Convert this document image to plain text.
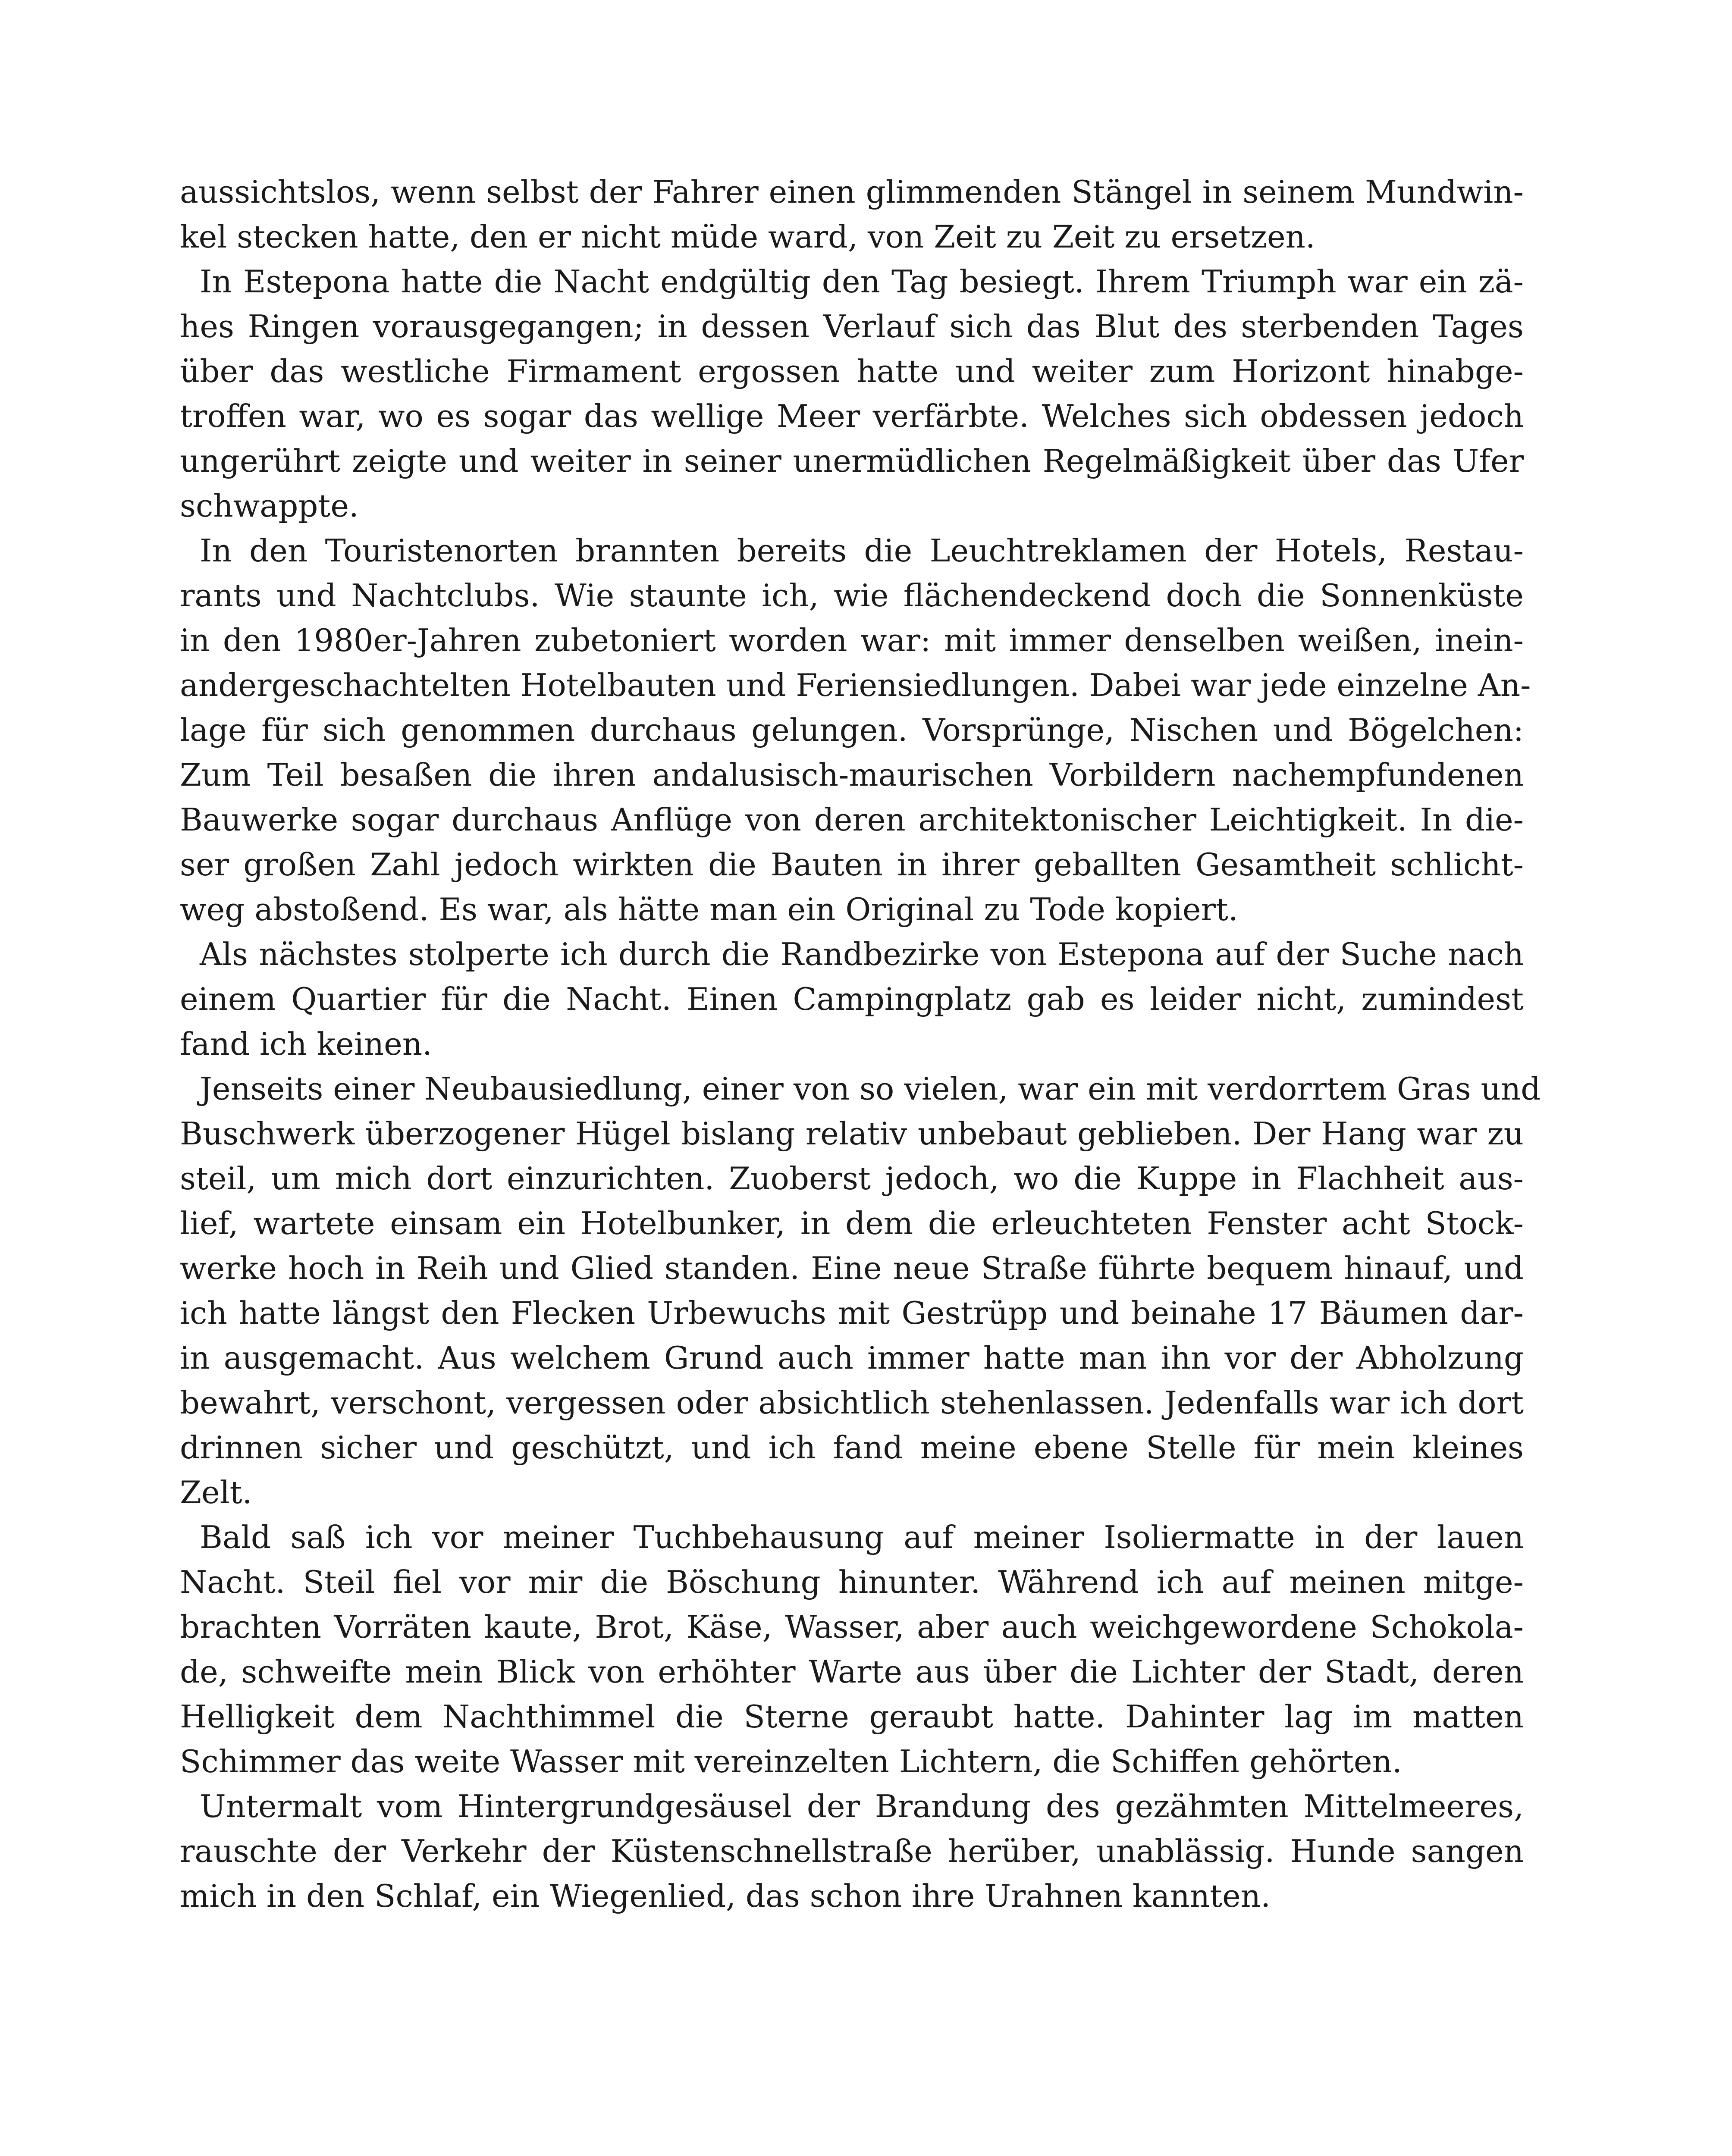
aussichtslos, wenn selbst der Fahrer einen glimmenden Stängel in seinem Mundwin-
kel stecken hatte, den er nicht müde ward, von Zeit zu Zeit zu ersetzen.
In Estepona hatte die Nacht endgültig den Tag besiegt. Ihrem Triumph war ein zä-
hes Ringen vorausgegangen; in dessen Verlauf sich das Blut des sterbenden Tages
über das westliche Firmament ergossen hatte und weiter zum Horizont hinabge-
troffen war, wo es sogar das wellige Meer verfärbte. Welches sich obdessen jedoch
ungerührt zeigte und weiter in seiner unermüdlichen Regelmäßigkeit über das Ufer
schwappte.
In den Touristenorten brannten bereits die Leuchtreklamen der Hotels, Restau-
rants und Nachtclubs. Wie staunte ich, wie flächendeckend doch die Sonnenküste
in den 1980er-Jahren zubetoniert worden war: mit immer denselben weißen, inein-
andergeschachtelten Hotelbauten und Feriensiedlungen. Dabei war jede einzelne An-
lage für sich genommen durchaus gelungen. Vorsprünge, Nischen und Bögelchen:
Zum Teil besaßen die ihren andalusisch-maurischen Vorbildern nachempfundenen
Bauwerke sogar durchaus Anflüge von deren architektonischer Leichtigkeit. In die-
ser großen Zahl jedoch wirkten die Bauten in ihrer geballten Gesamtheit schlicht-
weg abstoßend. Es war, als hätte man ein Original zu Tode kopiert.
Als nächstes stolperte ich durch die Randbezirke von Estepona auf der Suche nach
einem Quartier für die Nacht. Einen Campingplatz gab es leider nicht, zumindest
fand ich keinen.
Jenseits einer Neubausiedlung, einer von so vielen, war ein mit verdorrtem Gras und
Buschwerk überzogener Hügel bislang relativ unbebaut geblieben. Der Hang war zu
steil, um mich dort einzurichten. Zuoberst jedoch, wo die Kuppe in Flachheit aus-
lief, wartete einsam ein Hotelbunker, in dem die erleuchteten Fenster acht Stock-
werke hoch in Reih und Glied standen. Eine neue Straße führte bequem hinauf, und
ich hatte längst den Flecken Urbewuchs mit Gestrüpp und beinahe 17 Bäumen dar-
in ausgemacht. Aus welchem Grund auch immer hatte man ihn vor der Abholzung
bewahrt, verschont, vergessen oder absichtlich stehenlassen. Jedenfalls war ich dort
drinnen sicher und geschützt, und ich fand meine ebene Stelle für mein kleines
Zelt.
Bald saß ich vor meiner Tuchbehausung auf meiner Isoliermatte in der lauen
Nacht. Steil fiel vor mir die Böschung hinunter. Während ich auf meinen mitge-
brachten Vorräten kaute, Brot, Käse, Wasser, aber auch weichgewordene Schokola-
de, schweifte mein Blick von erhöhter Warte aus über die Lichter der Stadt, deren
Helligkeit dem Nachthimmel die Sterne geraubt hatte. Dahinter lag im matten
Schimmer das weite Wasser mit vereinzelten Lichtern, die Schiffen gehörten.
Untermalt vom Hintergrundgesäusel der Brandung des gezähmten Mittelmeeres,
rauschte der Verkehr der Küstenschnellstraße herüber, unablässig. Hunde sangen
mich in den Schlaf, ein Wiegenlied, das schon ihre Urahnen kannten.
